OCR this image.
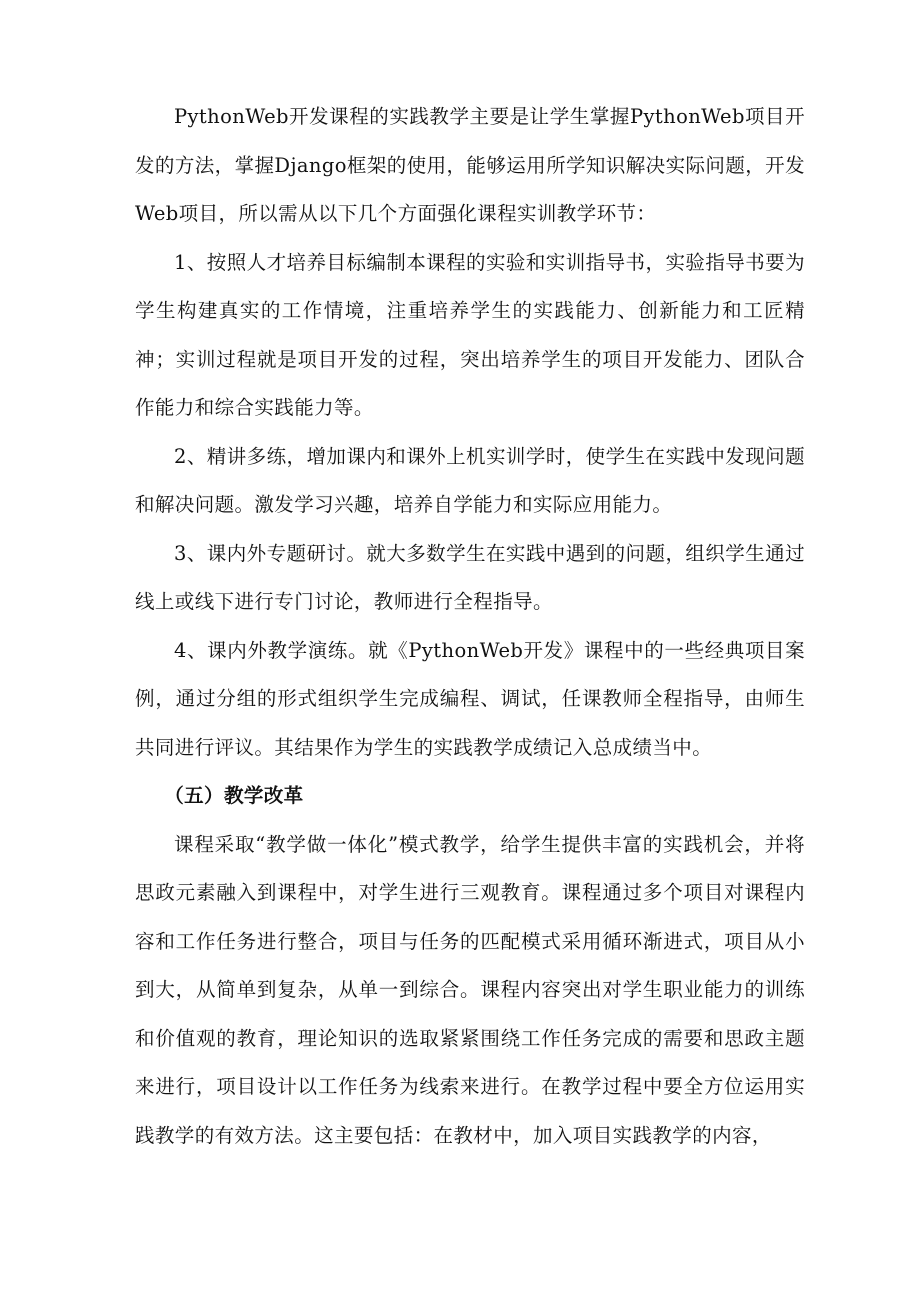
PythonWeb开发课程的实践教学主要是让学生掌握PythonWeb项目开发的方法，掌握Django框架的使用，能够运用所学知识解决实际问题，开发Web项目，所以需从以下几个方面强化课程实训教学环节：

1、按照人才培养目标编制本课程的实验和实训指导书，实验指导书要为学生构建真实的工作情境，注重培养学生的实践能力、创新能力和工匠精神；实训过程就是项目开发的过程，突出培养学生的项目开发能力、团队合作能力和综合实践能力等。

2、精讲多练，增加课内和课外上机实训学时，使学生在实践中发现问题和解决问题。激发学习兴趣，培养自学能力和实际应用能力。

3、课内外专题研讨。就大多数学生在实践中遇到的问题，组织学生通过线上或线下进行专门讨论，教师进行全程指导。

4、课内外教学演练。就《PythonWeb开发》课程中的一些经典项目案例，通过分组的形式组织学生完成编程、调试，任课教师全程指导，由师生共同进行评议。其结果作为学生的实践教学成绩记入总成绩当中。

（五）教学改革

课程采取“教学做一体化”模式教学，给学生提供丰富的实践机会，并将思政元素融入到课程中，对学生进行三观教育。课程通过多个项目对课程内容和工作任务进行整合，项目与任务的匹配模式采用循环渐进式，项目从小到大，从简单到复杂，从单一到综合。课程内容突出对学生职业能力的训练和价值观的教育，理论知识的选取紧紧围绕工作任务完成的需要和思政主题来进行，项目设计以工作任务为线索来进行。在教学过程中要全方位运用实践教学的有效方法。这主要包括：在教材中，加入项目实践教学的内容，
